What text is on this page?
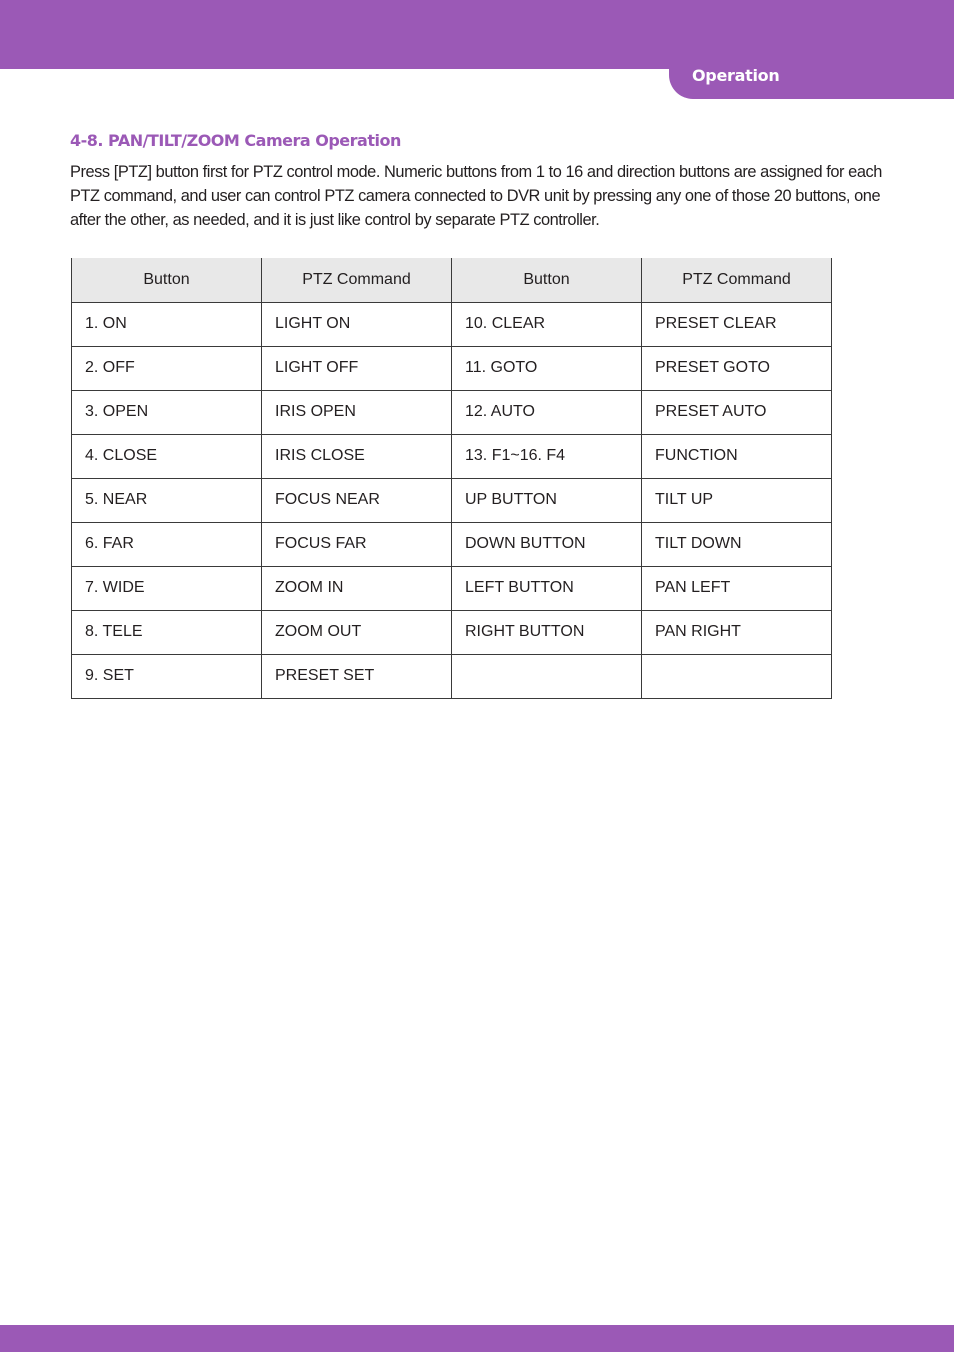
Operation
4-8. PAN/TILT/ZOOM Camera Operation

Press [PTZ] button first for PTZ control mode. Numeric buttons from 1 to 16 and direction buttons are assigned for each PTZ command, and user can control PTZ camera connected to DVR unit by pressing any one of those 20 buttons, one after the other, as needed, and it is just like control by separate PTZ controller.

Button	PTZ Command	Button	PTZ Command
1. ON	LIGHT ON	10. CLEAR	PRESET CLEAR
2. OFF	LIGHT OFF	11. GOTO	PRESET GOTO
3. OPEN	IRIS OPEN	12. AUTO	PRESET AUTO
4. CLOSE	IRIS CLOSE	13. F1~16. F4	FUNCTION
5. NEAR	FOCUS NEAR	UP BUTTON	TILT UP
6. FAR	FOCUS FAR	DOWN BUTTON	TILT DOWN
7. WIDE	ZOOM IN	LEFT BUTTON	PAN LEFT
8. TELE	ZOOM OUT	RIGHT BUTTON	PAN RIGHT
9. SET	PRESET SET		
